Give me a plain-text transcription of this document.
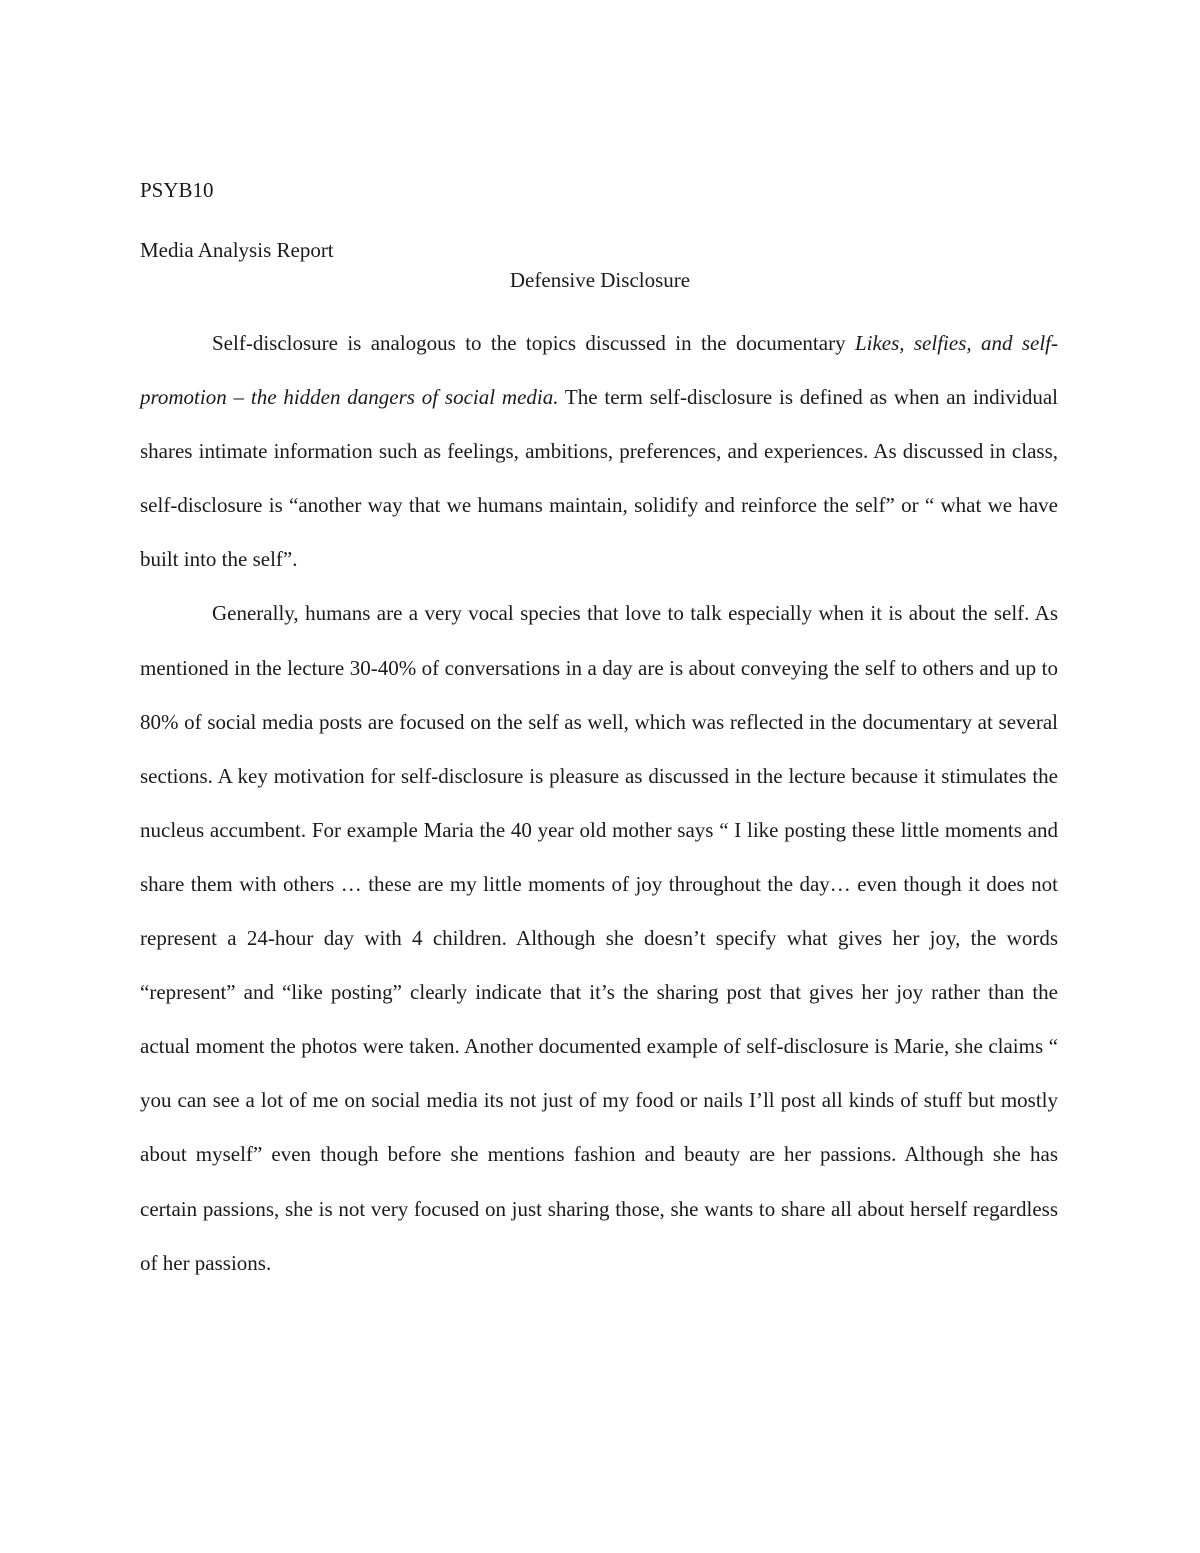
PSYB10

Media Analysis Report

Defensive Disclosure

Self-disclosure is analogous to the topics discussed in the documentary Likes, selfies, and self-promotion – the hidden dangers of social media. The term self-disclosure is defined as when an individual shares intimate information such as feelings, ambitions, preferences, and experiences. As discussed in class, self-disclosure is “another way that we humans maintain, solidify and reinforce the self” or “ what we have built into the self”.

Generally, humans are a very vocal species that love to talk especially when it is about the self. As mentioned in the lecture 30-40% of conversations in a day are is about conveying the self to others and up to 80% of social media posts are focused on the self as well, which was reflected in the documentary at several sections. A key motivation for self-disclosure is pleasure as discussed in the lecture because it stimulates the nucleus accumbent. For example Maria the 40 year old mother says “ I like posting these little moments and share them with others … these are my little moments of joy throughout the day… even though it does not represent a 24-hour day with 4 children. Although she doesn’t specify what gives her joy, the words “represent” and “like posting” clearly indicate that it’s the sharing post that gives her joy rather than the actual moment the photos were taken. Another documented example of self-disclosure is Marie, she claims “ you can see a lot of me on social media its not just of my food or nails I’ll post all kinds of stuff but mostly about myself” even though before she mentions fashion and beauty are her passions. Although she has certain passions, she is not very focused on just sharing those, she wants to share all about herself regardless of her passions.
